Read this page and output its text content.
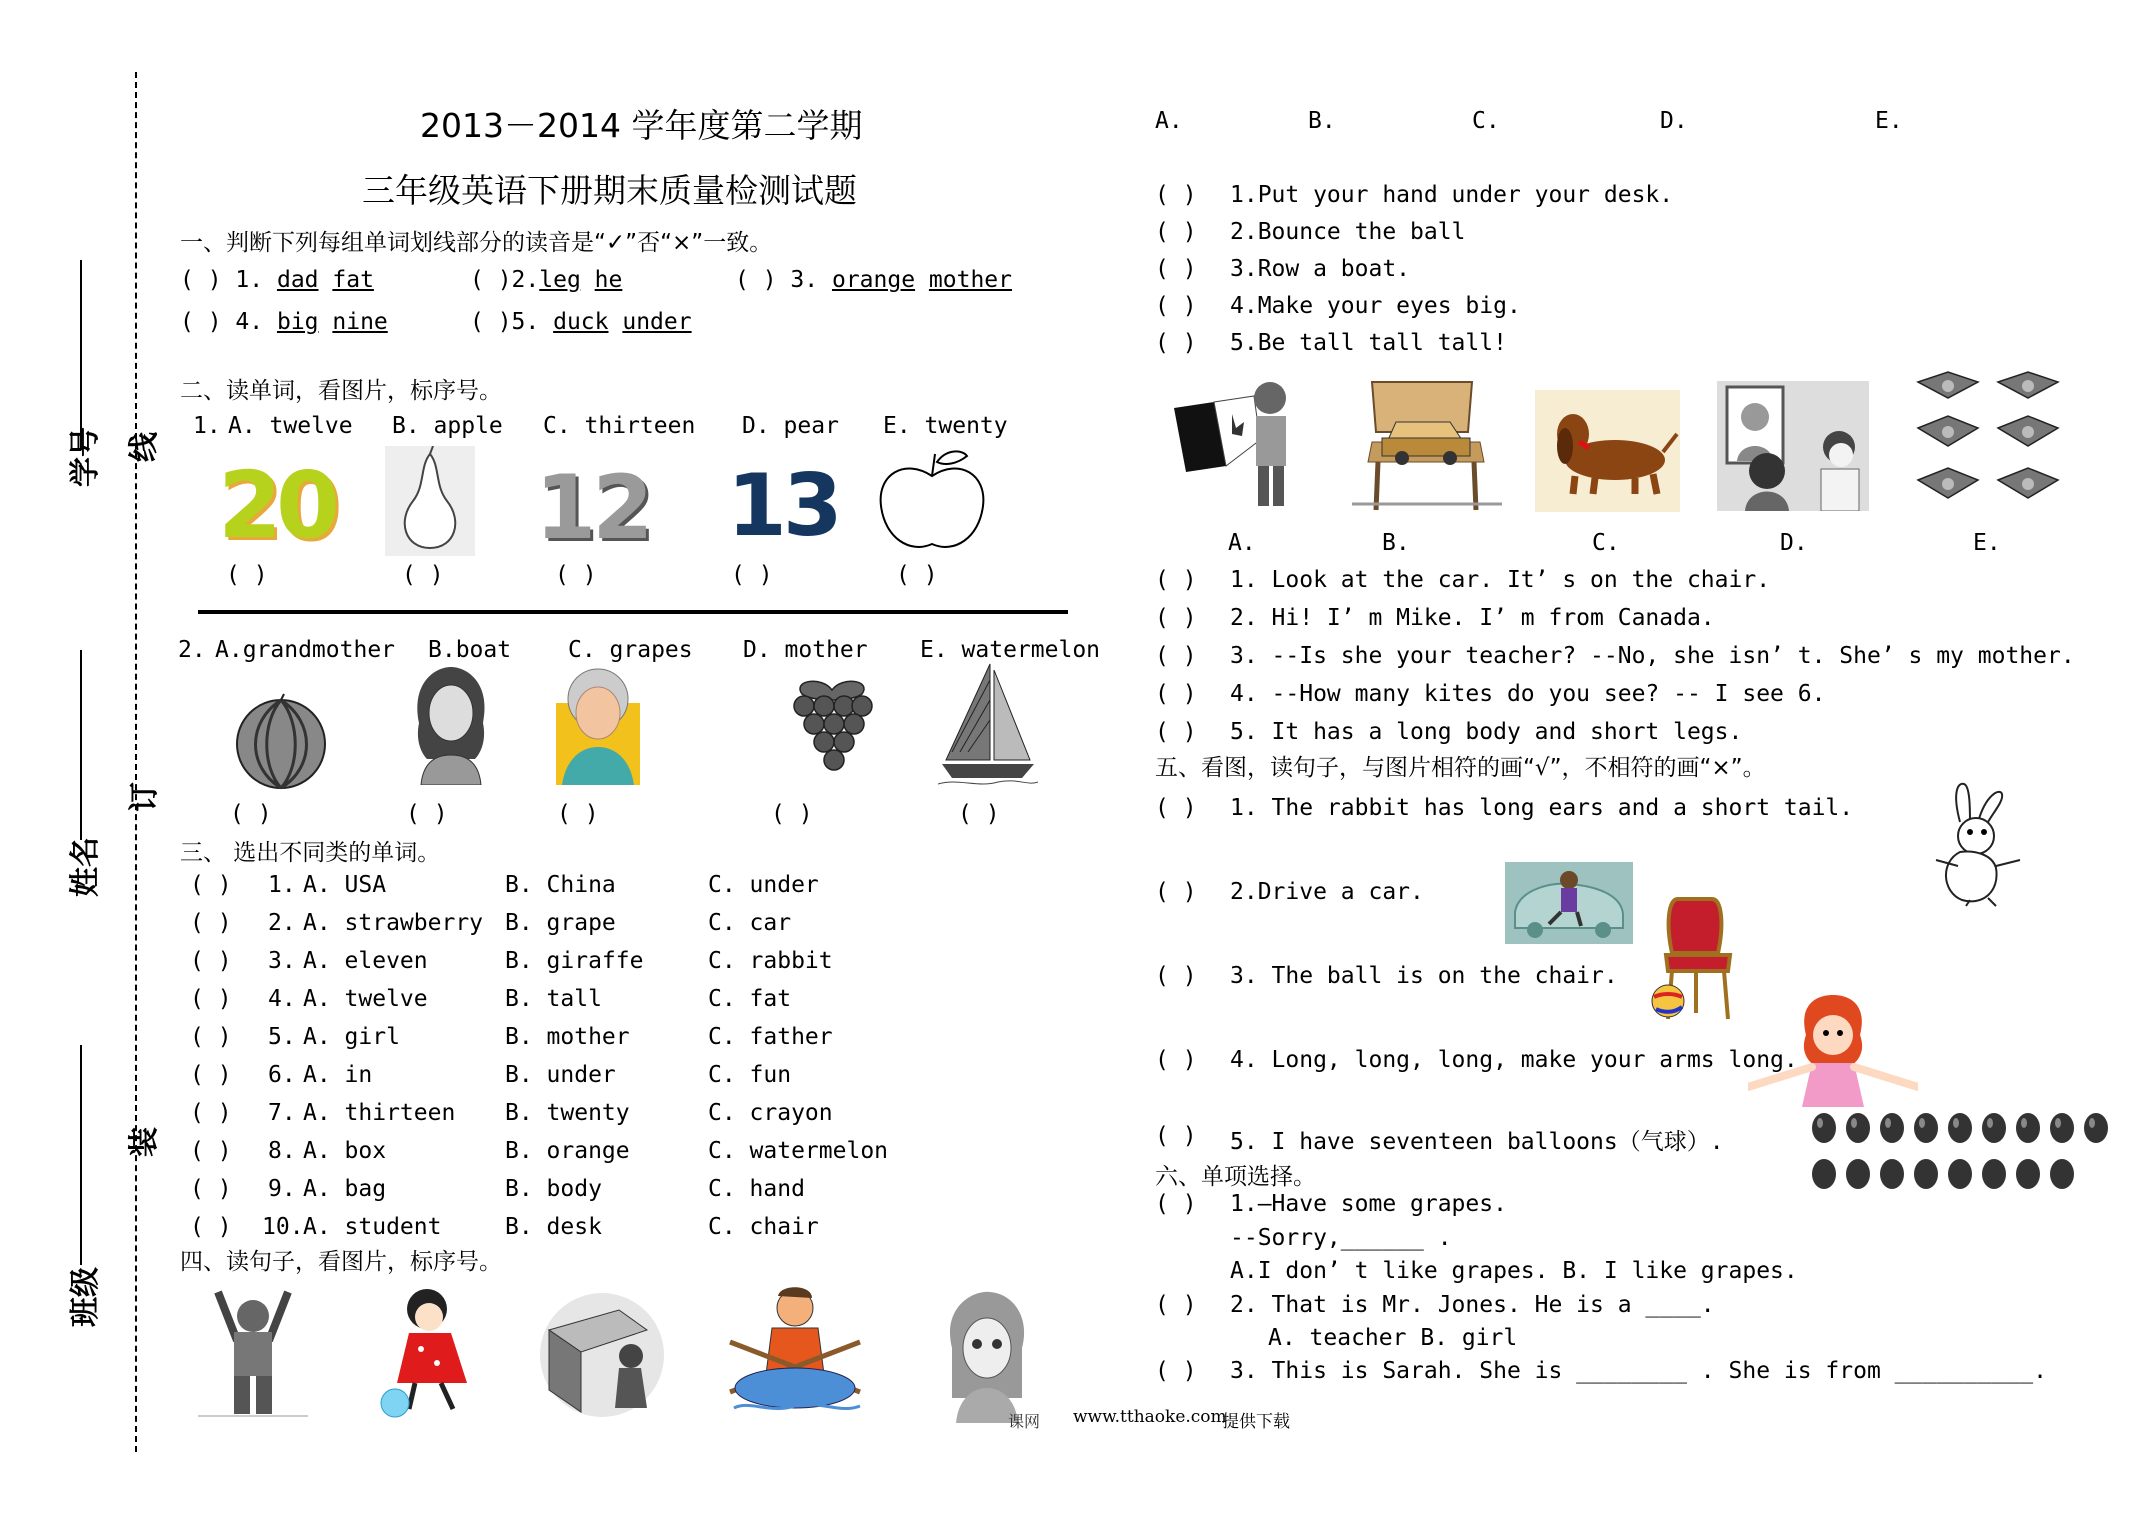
学号 线
姓名
订
班级
装
2013－2014 学年度第二学期
三年级英语下册期末质量检测试题
一、判断下列每组单词划线部分的读音是“✓”否“×”一致。
( ) 1. dad fat	( )2.leg he	( ) 3. orange mother
( ) 4. big nine	( )5. duck under
二、读单词，看图片，标序号。
1. A. twelve B. apple C. thirteen D. pear E. twenty
20 12 13
( )	( )	( )	( )	( )
2. A.grandmother B.boat C. grapes D. mother E. watermelon
( )	( )	( )	( )	( )
三、 选出不同类的单词。
( ) 1. A. USA	B. China	C. under
( ) 2. A. strawberry B. grape	C. car
( ) 3. A. eleven	B. giraffe	C. rabbit
( ) 4. A. twelve	B. tall	C. fat
( ) 5. A. girl	B. mother	C. father
( ) 6. A. in	B. under	C. fun
( ) 7. A. thirteen B. twenty	C. crayon
( ) 8. A. box	B. orange	C. watermelon
( ) 9. A. bag	B. body	C. hand
( ) 10. A. student	B. desk	C. chair
四、读句子，看图片，标序号。
课网 www.tthaoke.com
提供下载
A.	B.	C.	D.	E.
( ) 1.Put your hand under your desk.
( ) 2.Bounce the ball
( ) 3.Row a boat.
( ) 4.Make your eyes big.
( ) 5.Be tall tall tall!
A.	B.	C.	D.	E.
( ) 1. Look at the car. It’ s on the chair.
( ) 2. Hi! I’ m Mike. I’ m from Canada.
( ) 3. --Is she your teacher? --No, she isn’ t. She’ s my mother.
( ) 4. --How many kites do you see? -- I see 6.
( ) 5. It has a long body and short legs.
五、看图，读句子，与图片相符的画“√”，不相符的画“×”。
( ) 1. The rabbit has long ears and a short tail.
( ) 2.Drive a car.
( ) 3. The ball is on the chair.
( ) 4. Long, long, long, make your arms long.
( ) 5. I have seventeen balloons（气球）.
六、单项选择。
( ) 1.—Have some grapes.
--Sorry,______ .
A.I don’ t like grapes. B. I like grapes.
( ) 2. That is Mr. Jones. He is a ____.
A. teacher B. girl
( ) 3. This is Sarah. She is ________ . She is from __________.
